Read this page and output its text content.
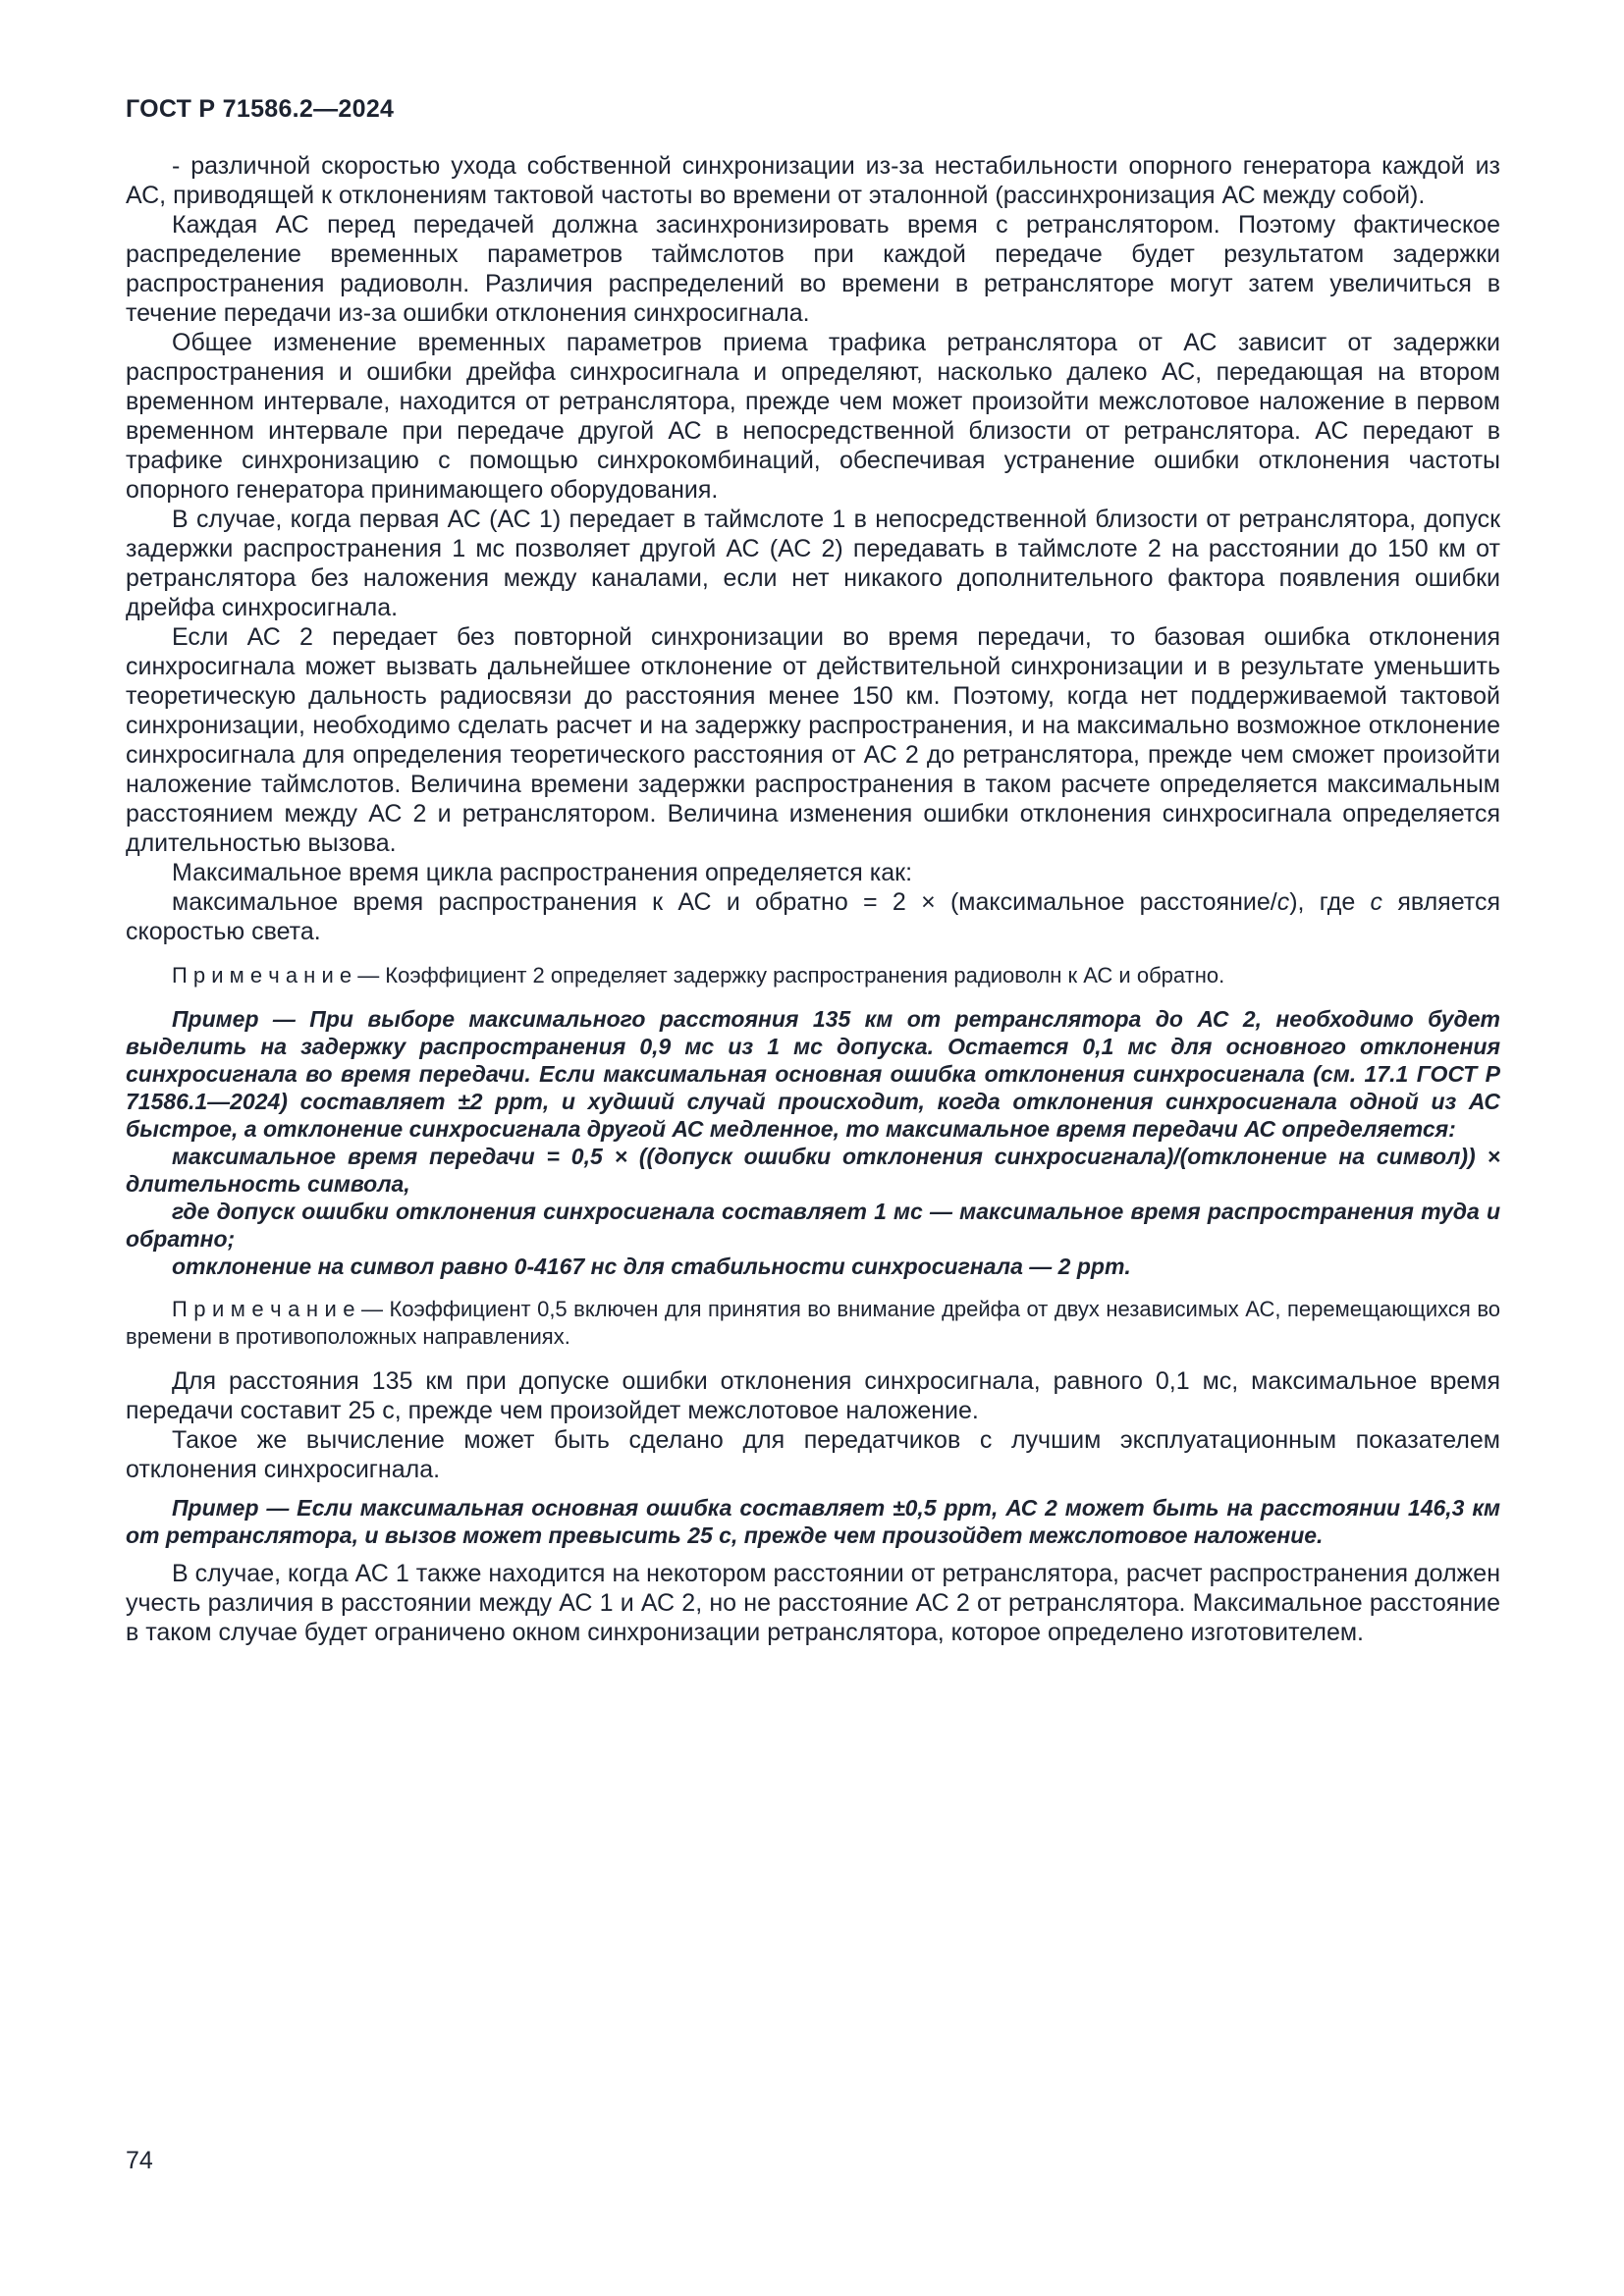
ГОСТ Р 71586.2—2024

- различной скоростью ухода собственной синхронизации из-за нестабильности опорного генератора каждой из АС, приводящей к отклонениям тактовой частоты во времени от эталонной (рассинхронизация АС между собой).

Каждая АС перед передачей должна засинхронизировать время с ретранслятором. Поэтому фактическое распределение временных параметров таймслотов при каждой передаче будет результатом задержки распространения радиоволн. Различия распределений во времени в ретрансляторе могут затем увеличиться в течение передачи из-за ошибки отклонения синхросигнала.

Общее изменение временных параметров приема трафика ретранслятора от АС зависит от задержки распространения и ошибки дрейфа синхросигнала и определяют, насколько далеко АС, передающая на втором временном интервале, находится от ретранслятора, прежде чем может произойти межслотовое наложение в первом временном интервале при передаче другой АС в непосредственной близости от ретранслятора. АС передают в трафике синхронизацию с помощью синхрокомбинаций, обеспечивая устранение ошибки отклонения частоты опорного генератора принимающего оборудования.

В случае, когда первая АС (АС 1) передает в таймслоте 1 в непосредственной близости от ретранслятора, допуск задержки распространения 1 мс позволяет другой АС (АС 2) передавать в таймслоте 2 на расстоянии до 150 км от ретранслятора без наложения между каналами, если нет никакого дополнительного фактора появления ошибки дрейфа синхросигнала.

Если АС 2 передает без повторной синхронизации во время передачи, то базовая ошибка отклонения синхросигнала может вызвать дальнейшее отклонение от действительной синхронизации и в результате уменьшить теоретическую дальность радиосвязи до расстояния менее 150 км. Поэтому, когда нет поддерживаемой тактовой синхронизации, необходимо сделать расчет и на задержку распространения, и на максимально возможное отклонение синхросигнала для определения теоретического расстояния от АС 2 до ретранслятора, прежде чем сможет произойти наложение таймслотов. Величина времени задержки распространения в таком расчете определяется максимальным расстоянием между АС 2 и ретранслятором. Величина изменения ошибки отклонения синхросигнала определяется длительностью вызова.

Максимальное время цикла распространения определяется как:

максимальное время распространения к АС и обратно = 2 × (максимальное расстояние/с), где с является скоростью света.

П р и м е ч а н и е — Коэффициент 2 определяет задержку распространения радиоволн к АС и обратно.

Пример — При выборе максимального расстояния 135 км от ретранслятора до АС 2, необходимо будет выделить на задержку распространения 0,9 мс из 1 мс допуска. Остается 0,1 мс для основного отклонения синхросигнала во время передачи. Если максимальная основная ошибка отклонения синхросигнала (см. 17.1 ГОСТ Р 71586.1—2024) составляет ±2 ppm, и худший случай происходит, когда отклонения синхросигнала одной из АС быстрое, а отклонение синхросигнала другой АС медленное, то максимальное время передачи АС определяется:

максимальное время передачи = 0,5 × ((допуск ошибки отклонения синхросигнала)/(отклонение на символ)) × длительность символа,

где допуск ошибки отклонения синхросигнала составляет 1 мс — максимальное время распространения туда и обратно;

отклонение на символ равно 0-4167 нс для стабильности синхросигнала — 2 ppm.

П р и м е ч а н и е — Коэффициент 0,5 включен для принятия во внимание дрейфа от двух независимых АС, перемещающихся во времени в противоположных направлениях.

Для расстояния 135 км при допуске ошибки отклонения синхросигнала, равного 0,1 мс, максимальное время передачи составит 25 с, прежде чем произойдет межслотовое наложение.

Такое же вычисление может быть сделано для передатчиков с лучшим эксплуатационным показателем отклонения синхросигнала.

Пример — Если максимальная основная ошибка составляет ±0,5 ppm, АС 2 может быть на расстоянии 146,3 км от ретранслятора, и вызов может превысить 25 с, прежде чем произойдет межслотовое наложение.

В случае, когда АС 1 также находится на некотором расстоянии от ретранслятора, расчет распространения должен учесть различия в расстоянии между АС 1 и АС 2, но не расстояние АС 2 от ретранслятора. Максимальное расстояние в таком случае будет ограничено окном синхронизации ретранслятора, которое определено изготовителем.

74
